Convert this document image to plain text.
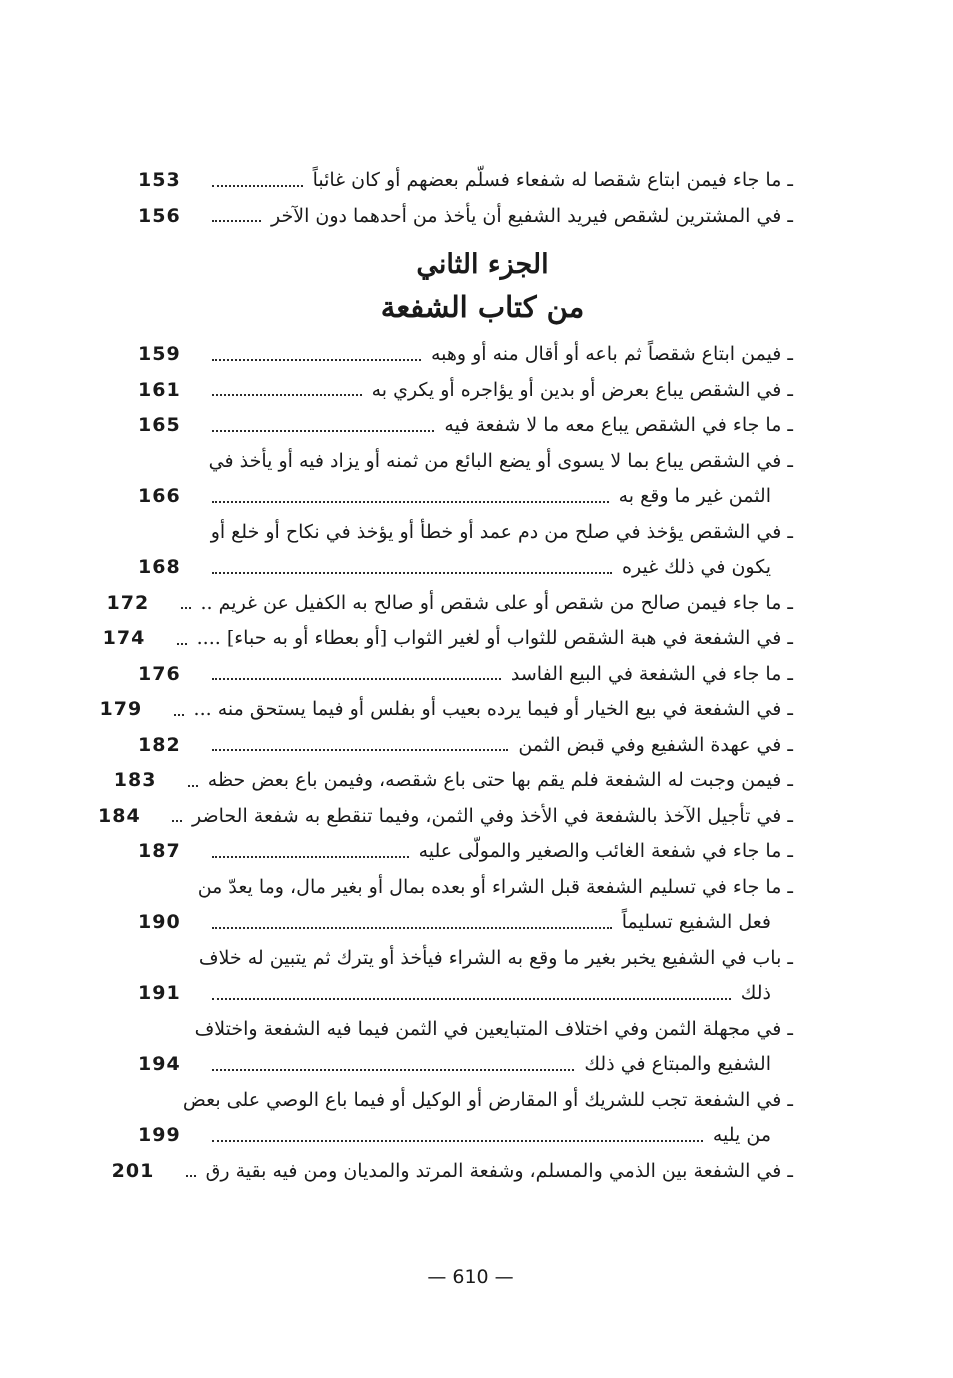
ـ ما جاء فيمن ابتاع شقصا له شفعاء فسلّم بعضهم أو كان غائباً
153
ـ في المشترين لشقص فيريد الشفيع أن يأخذ من أحدهما دون الآخر
156
الجزء الثاني
من كتاب الشفعة
ـ فيمن ابتاع شقصاً ثم باعه أو أقال منه أو وهبه
159
ـ في الشقص يباع بعرض أو بدين أو يؤاجره أو يكري به
161
ـ ما جاء في الشقص يباع معه ما لا شفعة فيه
165
ـ في الشقص يباع بما لا يسوى أو يضع البائع من ثمنه أو يزاد فيه أو يأخذ في
الثمن غير ما وقع به
166
ـ في الشقص يؤخذ في صلح من دم عمد أو خطأ أو يؤخذ في نكاح أو خلع أو
يكون في ذلك غيره
168
ـ ما جاء فيمن صالح من شقص أو على شقص أو صالح به الكفيل عن غريم ..
172
ـ في الشفعة في هبة الشقص للثواب أو لغير الثواب [أو بعطاء أو به حباء] ....
174
ـ ما جاء في الشفعة في البيع الفاسد
176
ـ في الشفعة في بيع الخيار أو فيما يرده بعيب أو بفلس أو فيما يستحق منه ...
179
ـ في عهدة الشفيع وفي قبض الثمن
182
ـ فيمن وجبت له الشفعة فلم يقم بها حتى باع شقصه، وفيمن باع بعض حظه
183
ـ في تأجيل الآخذ بالشفعة في الأخذ وفي الثمن، وفيما تنقطع به شفعة الحاضر
184
ـ ما جاء في شفعة الغائب والصغير والمولّى عليه
187
ـ ما جاء في تسليم الشفعة قبل الشراء أو بعده بمال أو بغير مال، وما يعدّ من
فعل الشفيع تسليماً
190
ـ باب في الشفيع يخبر بغير ما وقع به الشراء فيأخذ أو يترك ثم يتبين له خلاف
ذلك
191
ـ في مجهلة الثمن وفي اختلاف المتبايعين في الثمن فيما فيه الشفعة واختلاف
الشفيع والمبتاع في ذلك
194
ـ في الشفعة تجب للشريك أو المقارض أو الوكيل أو فيما باع الوصي على بعض
من يليه
199
ـ في الشفعة بين الذمي والمسلم، وشفعة المرتد والمديان ومن فيه بقية رق
201
— 610 —
